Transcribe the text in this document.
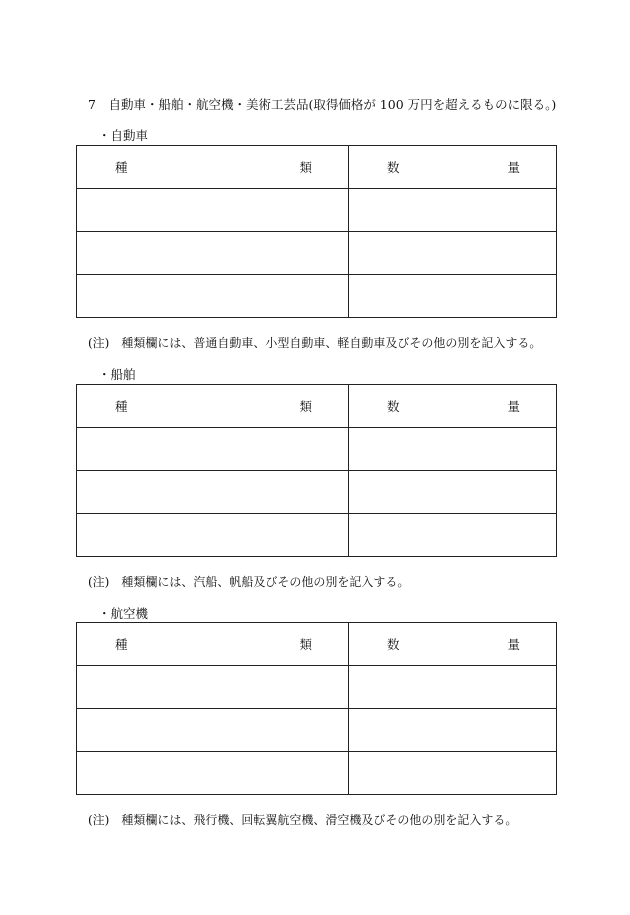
7　自動車・船舶・航空機・美術工芸品(取得価格が 100 万円を超えるものに限る。)
・自動車
種 類	数 量

(注)　種類欄には、普通自動車、小型自動車、軽自動車及びその他の別を記入する。
・船舶
種 類	数 量

(注)　種類欄には、汽船、帆船及びその他の別を記入する。
・航空機
種 類	数 量

(注)　種類欄には、飛行機、回転翼航空機、滑空機及びその他の別を記入する。
